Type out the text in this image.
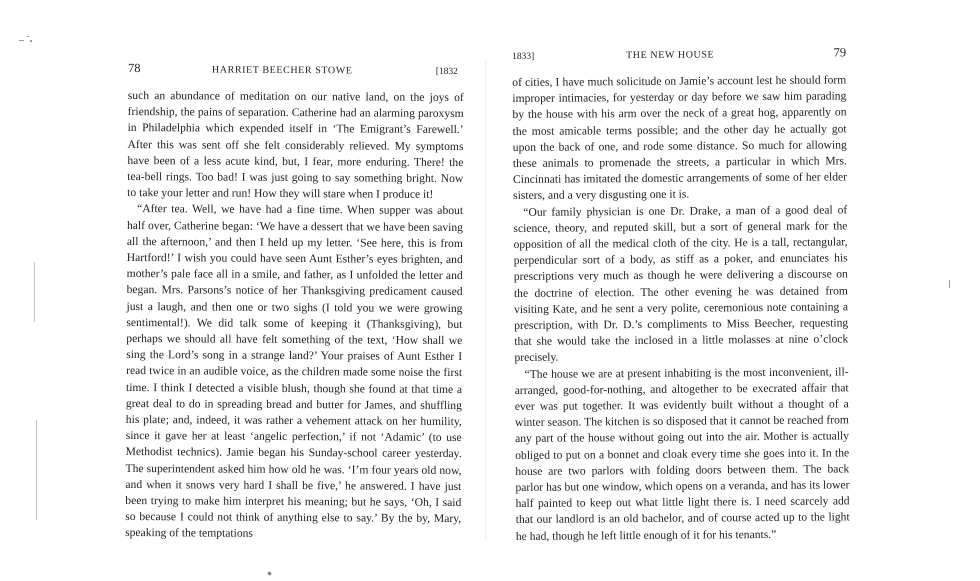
78	HARRIET BEECHER STOWE	[1832

such an abundance of meditation on our native land, on the joys of friendship, the pains of separation. Catherine had an alarming paroxysm in Philadelphia which expended itself in ‘The Emigrant’s Farewell.’ After this was sent off she felt considerably relieved. My symptoms have been of a less acute kind, but, I fear, more enduring. There! the tea-bell rings. Too bad! I was just going to say something bright. Now to take your letter and run! How they will stare when I produce it!

“After tea. Well, we have had a fine time. When supper was about half over, Catherine began: ‘We have a dessert that we have been saving all the afternoon,’ and then I held up my letter. ‘See here, this is from Hartford!’ I wish you could have seen Aunt Esther’s eyes brighten, and mother’s pale face all in a smile, and father, as I unfolded the letter and began. Mrs. Parsons’s notice of her Thanksgiving predicament caused just a laugh, and then one or two sighs (I told you we were growing sentimental!). We did talk some of keeping it (Thanksgiving), but perhaps we should all have felt something of the text, ‘How shall we sing the Lord’s song in a strange land?’ Your praises of Aunt Esther I read twice in an audible voice, as the children made some noise the first time. I think I detected a visible blush, though she found at that time a great deal to do in spreading bread and butter for James, and shuffling his plate; and, indeed, it was rather a vehement attack on her humility, since it gave her at least ‘angelic perfection,’ if not ‘Adamic’ (to use Methodist technics). Jamie began his Sunday-school career yesterday. The superintendent asked him how old he was. ‘I’m four years old now, and when it snows very hard I shall be five,’ he answered. I have just been trying to make him interpret his meaning; but he says, ‘Oh, I said so because I could not think of anything else to say.’ By the by, Mary, speaking of the temptations

1833]	THE NEW HOUSE	79

of cities, I have much solicitude on Jamie’s account lest he should form improper intimacies, for yesterday or day before we saw him parading by the house with his arm over the neck of a great hog, apparently on the most amicable terms possible; and the other day he actually got upon the back of one, and rode some distance. So much for allowing these animals to promenade the streets, a particular in which Mrs. Cincinnati has imitated the domestic arrangements of some of her elder sisters, and a very disgusting one it is.

“Our family physician is one Dr. Drake, a man of a good deal of science, theory, and reputed skill, but a sort of general mark for the opposition of all the medical cloth of the city. He is a tall, rectangular, perpendicular sort of a body, as stiff as a poker, and enunciates his prescriptions very much as though he were delivering a discourse on the doctrine of election. The other evening he was detained from visiting Kate, and he sent a very polite, ceremonious note containing a prescription, with Dr. D.’s compliments to Miss Beecher, requesting that she would take the inclosed in a little molasses at nine o’clock precisely.

“The house we are at present inhabiting is the most inconvenient, ill-arranged, good-for-nothing, and altogether to be execrated affair that ever was put together. It was evidently built without a thought of a winter season. The kitchen is so disposed that it cannot be reached from any part of the house without going out into the air. Mother is actually obliged to put on a bonnet and cloak every time she goes into it. In the house are two parlors with folding doors between them. The back parlor has but one window, which opens on a veranda, and has its lower half painted to keep out what little light there is. I need scarcely add that our landlord is an old bachelor, and of course acted up to the light he had, though he left little enough of it for his tenants.”
